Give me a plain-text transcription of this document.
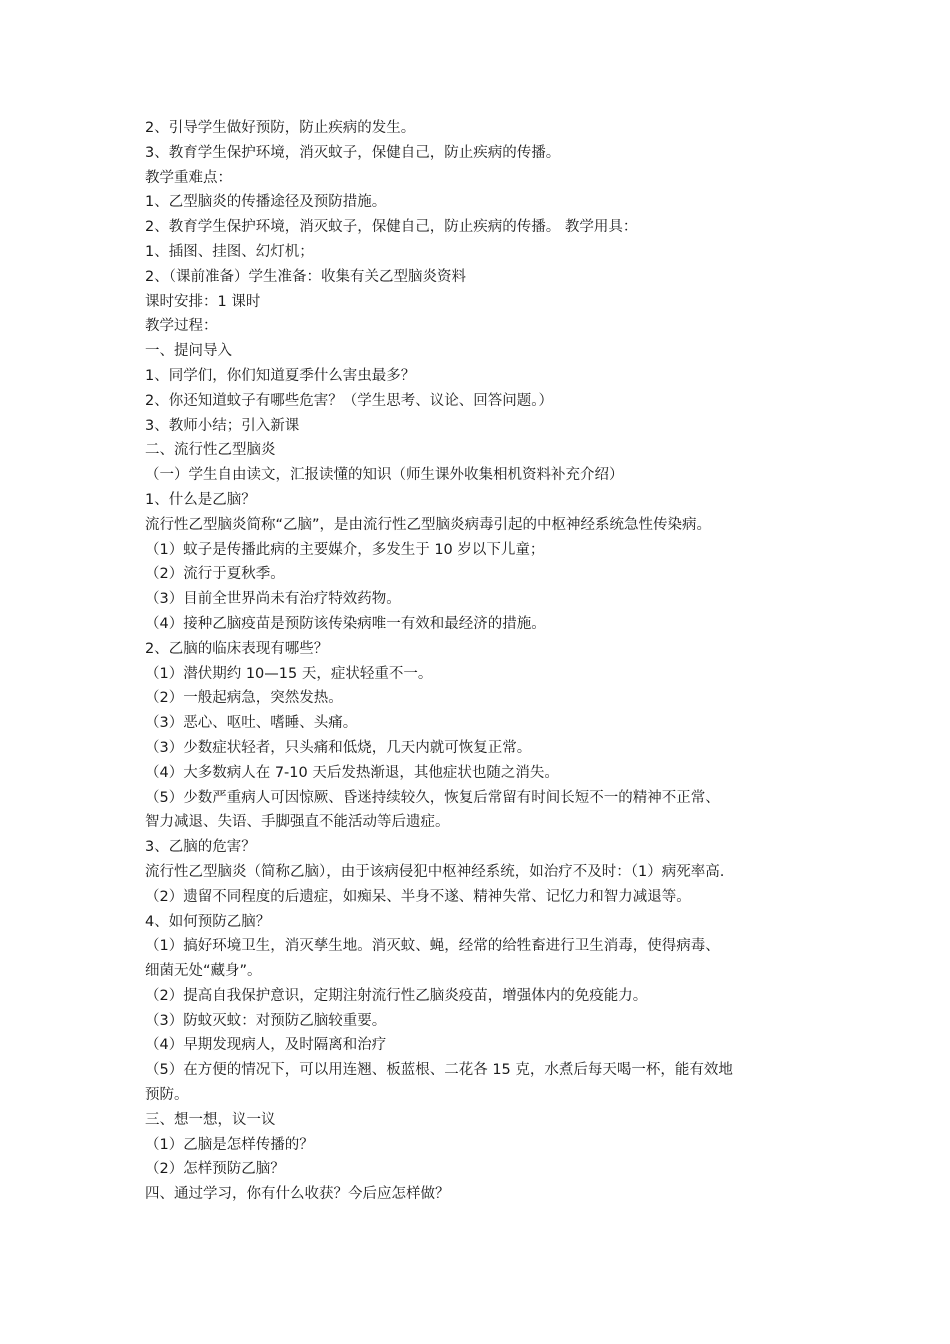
2、引导学生做好预防，防止疾病的发生。
3、教育学生保护环境，消灭蚊子，保健自己，防止疾病的传播。
教学重难点：
1、乙型脑炎的传播途径及预防措施。
2、教育学生保护环境，消灭蚊子，保健自己，防止疾病的传播。 教学用具：
1、插图、挂图、幻灯机；
2、（课前准备）学生准备：收集有关乙型脑炎资料
课时安排：1 课时
教学过程：
一、提问导入
1、同学们，你们知道夏季什么害虫最多？
2、你还知道蚊子有哪些危害？（学生思考、议论、回答问题。）
3、教师小结；引入新课
二、流行性乙型脑炎
（一）学生自由读文，汇报读懂的知识（师生课外收集相机资料补充介绍）
1、什么是乙脑？
流行性乙型脑炎简称“乙脑”，是由流行性乙型脑炎病毒引起的中枢神经系统急性传染病。
（1）蚊子是传播此病的主要媒介，多发生于 10 岁以下儿童；
（2）流行于夏秋季。
（3）目前全世界尚未有治疗特效药物。
（4）接种乙脑疫苗是预防该传染病唯一有效和最经济的措施。
2、乙脑的临床表现有哪些？
（1）潜伏期约 10—15 天，症状轻重不一。
（2）一般起病急，突然发热。
（3）恶心、呕吐、嗜睡、头痛。
（3）少数症状轻者，只头痛和低烧，几天内就可恢复正常。
（4）大多数病人在 7-10 天后发热渐退，其他症状也随之消失。
（5）少数严重病人可因惊厥、昏迷持续较久，恢复后常留有时间长短不一的精神不正常、
智力减退、失语、手脚强直不能活动等后遗症。
3、乙脑的危害？
流行性乙型脑炎（简称乙脑），由于该病侵犯中枢神经系统，如治疗不及时：（1）病死率高.
（2）遗留不同程度的后遗症，如痴呆、半身不遂、精神失常、记忆力和智力减退等。
4、如何预防乙脑？
（1）搞好环境卫生，消灭孳生地。消灭蚊、蝇，经常的给牲畜进行卫生消毒，使得病毒、
细菌无处“藏身”。
（2）提高自我保护意识，定期注射流行性乙脑炎疫苗，增强体内的免疫能力。
（3）防蚊灭蚊：对预防乙脑较重要。
（4）早期发现病人，及时隔离和治疗
（5）在方便的情况下，可以用连翘、板蓝根、二花各 15 克，水煮后每天喝一杯，能有效地
预防。
三、想一想，议一议
（1）乙脑是怎样传播的？
（2）怎样预防乙脑？
四、通过学习，你有什么收获？今后应怎样做？
